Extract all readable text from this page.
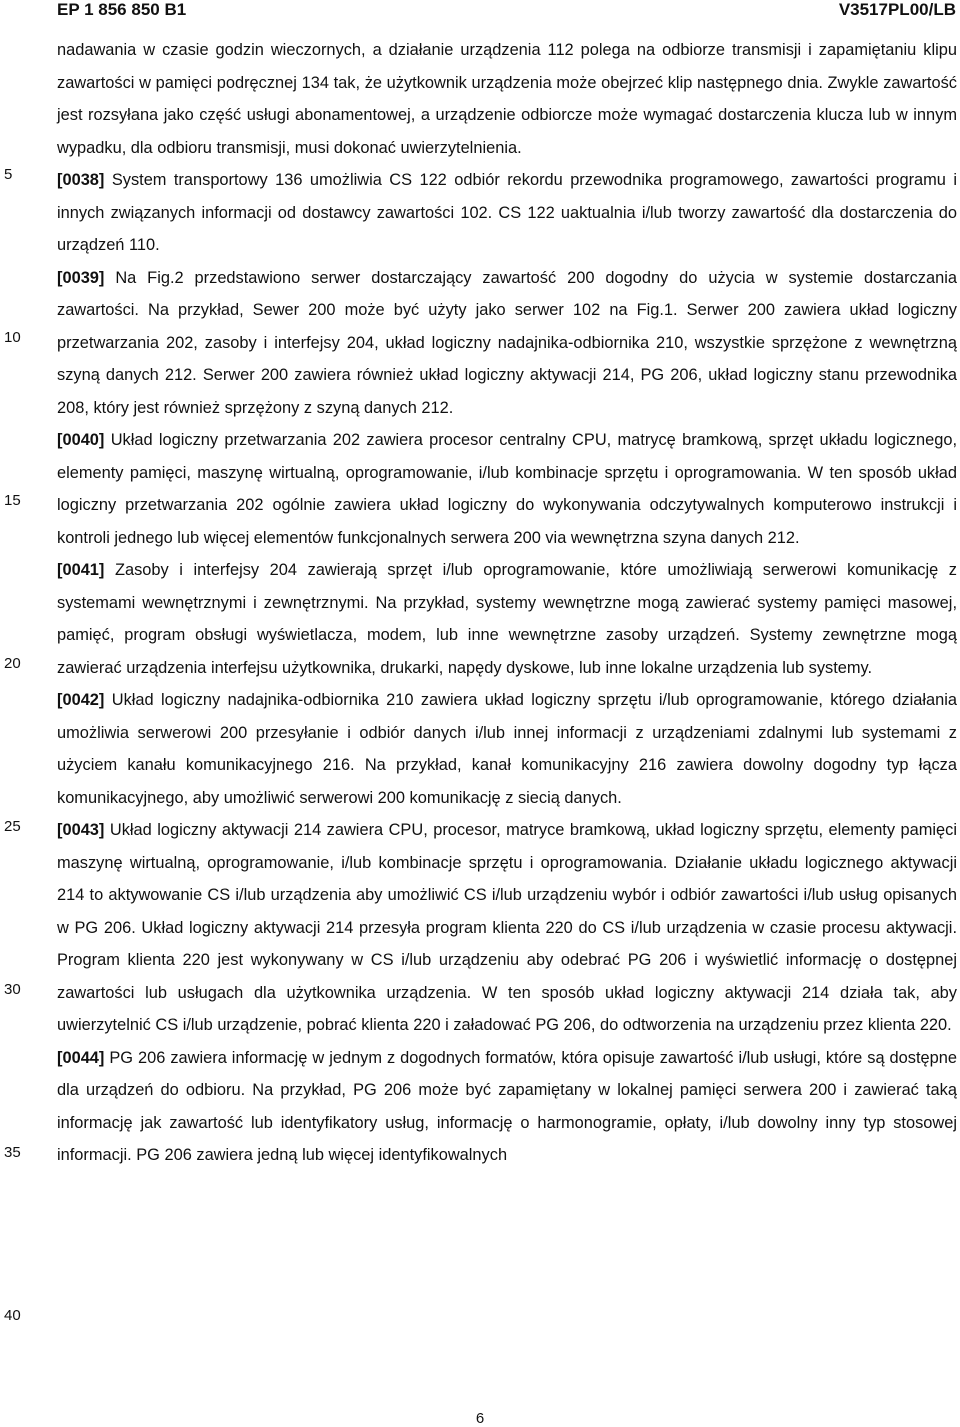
EP 1 856 850 B1	V3517PL00/LB
5
10
15
20
25
30
35
40

nadawania w czasie godzin wieczornych, a działanie urządzenia 112 polega na odbiorze transmisji i zapamiętaniu klipu zawartości w pamięci podręcznej 134 tak, że użytkownik urządzenia może obejrzeć klip następnego dnia. Zwykle zawartość jest rozsyłana jako część usługi abonamentowej, a urządzenie odbiorcze może wymagać dostarczenia klucza lub w innym wypadku, dla odbioru transmisji, musi dokonać uwierzytelnienia.

[0038] System transportowy 136 umożliwia CS 122 odbiór rekordu przewodnika programowego, zawartości programu i innych związanych informacji od dostawcy zawartości 102. CS 122 uaktualnia i/lub tworzy zawartość dla dostarczenia do urządzeń 110.

[0039] Na Fig.2 przedstawiono serwer dostarczający zawartość 200 dogodny do użycia w systemie dostarczania zawartości. Na przykład, Sewer 200 może być użyty jako serwer 102 na Fig.1. Serwer 200 zawiera układ logiczny przetwarzania 202, zasoby i interfejsy 204, układ logiczny nadajnika-odbiornika 210, wszystkie sprzężone z wewnętrzną szyną danych 212. Serwer 200 zawiera również układ logiczny aktywacji 214, PG 206, układ logiczny stanu przewodnika 208, który jest również sprzężony z szyną danych 212.

[0040] Układ logiczny przetwarzania 202 zawiera procesor centralny CPU, matrycę bramkową, sprzęt układu logicznego, elementy pamięci, maszynę wirtualną, oprogramowanie, i/lub kombinacje sprzętu i oprogramowania. W ten sposób układ logiczny przetwarzania 202 ogólnie zawiera układ logiczny do wykonywania odczytywalnych komputerowo instrukcji i kontroli jednego lub więcej elementów funkcjonalnych serwera 200 via wewnętrzna szyna danych 212.

[0041] Zasoby i interfejsy 204 zawierają sprzęt i/lub oprogramowanie, które umożliwiają serwerowi komunikację z systemami wewnętrznymi i zewnętrznymi. Na przykład, systemy wewnętrzne mogą zawierać systemy pamięci masowej, pamięć, program obsługi wyświetlacza, modem, lub inne wewnętrzne zasoby urządzeń. Systemy zewnętrzne mogą zawierać urządzenia interfejsu użytkownika, drukarki, napędy dyskowe, lub inne lokalne urządzenia lub systemy.

[0042] Układ logiczny nadajnika-odbiornika 210 zawiera układ logiczny sprzętu i/lub oprogramowanie, którego działania umożliwia serwerowi 200 przesyłanie i odbiór danych i/lub innej informacji z urządzeniami zdalnymi lub systemami z użyciem kanału komunikacyjnego 216. Na przykład, kanał komunikacyjny 216 zawiera dowolny dogodny typ łącza komunikacyjnego, aby umożliwić serwerowi 200 komunikację z siecią danych.

[0043] Układ logiczny aktywacji 214 zawiera CPU, procesor, matryce bramkową, układ logiczny sprzętu, elementy pamięci maszynę wirtualną, oprogramowanie, i/lub kombinacje sprzętu i oprogramowania. Działanie układu logicznego aktywacji 214 to aktywowanie CS i/lub urządzenia aby umożliwić CS i/lub urządzeniu wybór i odbiór zawartości i/lub usług opisanych w PG 206. Układ logiczny aktywacji 214 przesyła program klienta 220 do CS i/lub urządzenia w czasie procesu aktywacji. Program klienta 220 jest wykonywany w CS i/lub urządzeniu aby odebrać PG 206 i wyświetlić informację o dostępnej zawartości lub usługach dla użytkownika urządzenia. W ten sposób układ logiczny aktywacji 214 działa tak, aby uwierzytelnić CS i/lub urządzenie, pobrać klienta 220 i załadować PG 206, do odtworzenia na urządzeniu przez klienta 220.

[0044] PG 206 zawiera informację w jednym z dogodnych formatów, która opisuje zawartość i/lub usługi, które są dostępne dla urządzeń do odbioru. Na przykład, PG 206 może być zapamiętany w lokalnej pamięci serwera 200 i zawierać taką informację jak zawartość lub identyfikatory usług, informację o harmonogramie, opłaty, i/lub dowolny inny typ stosowej informacji. PG 206 zawiera jedną lub więcej identyfikowalnych

6
